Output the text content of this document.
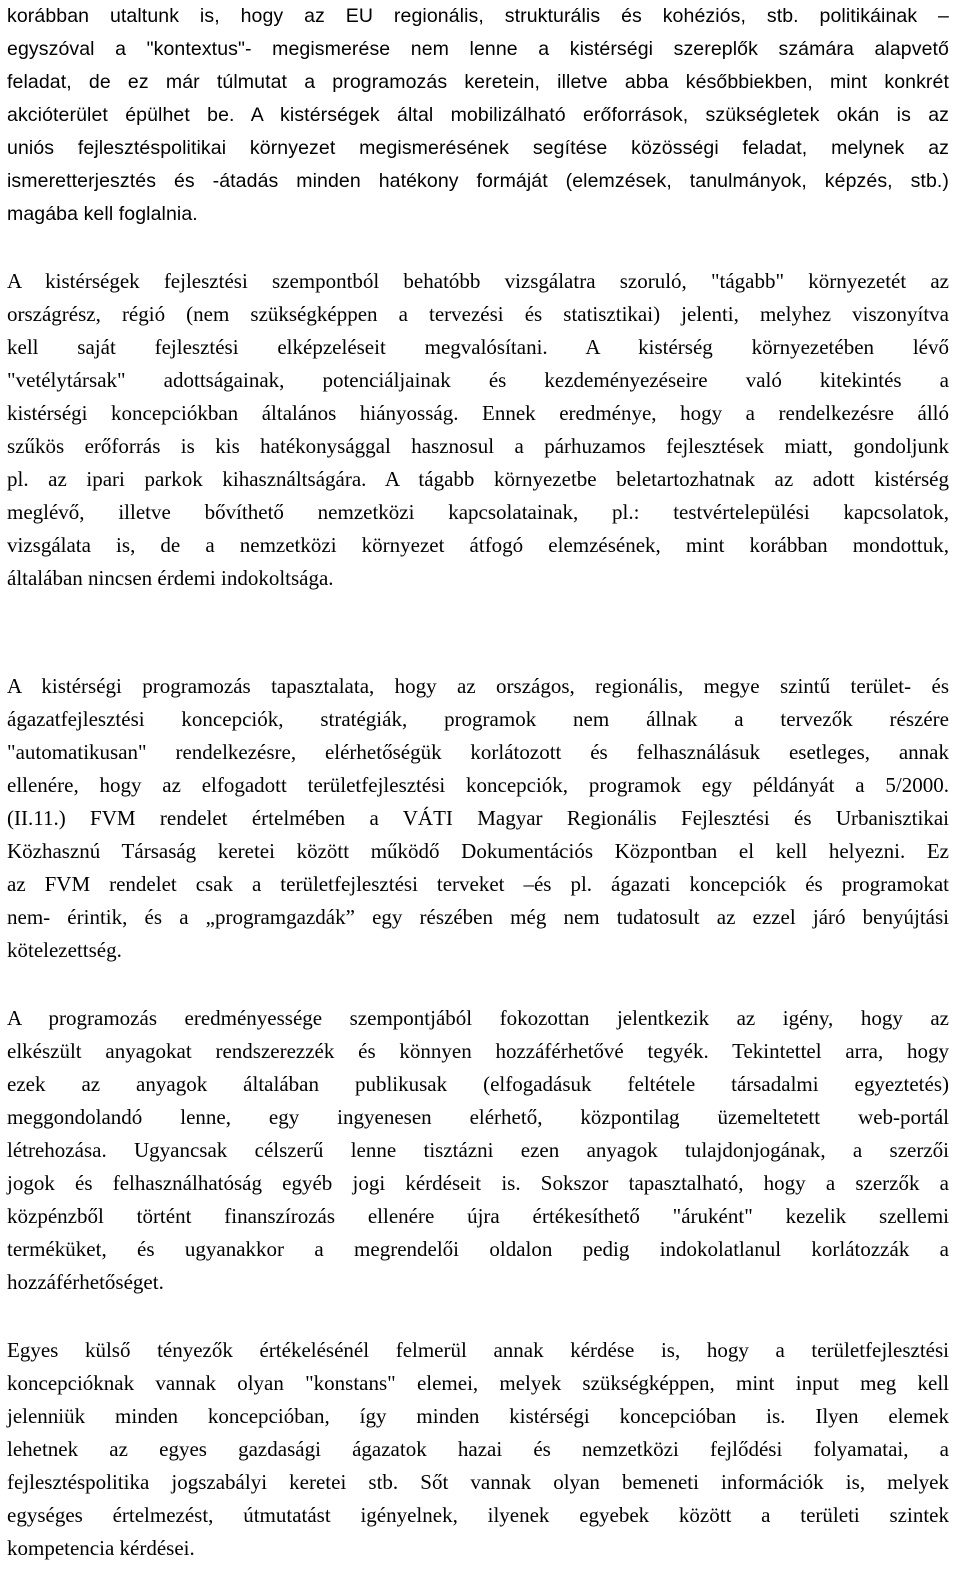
korábban utaltunk is, hogy az EU regionális, strukturális és kohéziós, stb. politikáinak –
egyszóval a "kontextus"- megismerése nem lenne a kistérségi szereplők számára alapvető
feladat, de ez már túlmutat a programozás keretein, illetve abba későbbiekben, mint konkrét
akcióterület épülhet be. A kistérségek által mobilizálható erőforrások, szükségletek okán is az
uniós fejlesztéspolitikai környezet megismerésének segítése közösségi feladat, melynek az
ismeretterjesztés és -átadás minden hatékony formáját (elemzések, tanulmányok, képzés, stb.)
magába kell foglalnia.
A kistérségek fejlesztési szempontból behatóbb vizsgálatra szoruló, "tágabb" környezetét az
országrész, régió (nem szükségképpen a tervezési és statisztikai) jelenti, melyhez viszonyítva
kell saját fejlesztési elképzeléseit megvalósítani. A kistérség környezetében lévő
"vetélytársak" adottságainak, potenciáljainak és kezdeményezéseire való kitekintés a
kistérségi koncepciókban általános hiányosság. Ennek eredménye, hogy a rendelkezésre álló
szűkös erőforrás is kis hatékonysággal hasznosul a párhuzamos fejlesztések miatt, gondoljunk
pl. az ipari parkok kihasználtságára. A tágabb környezetbe beletartozhatnak az adott kistérség
meglévő, illetve bővíthető nemzetközi kapcsolatainak, pl.: testvértelepülési kapcsolatok,
vizsgálata is, de a nemzetközi környezet átfogó elemzésének, mint korábban mondottuk,
általában nincsen érdemi indokoltsága.
A kistérségi programozás tapasztalata, hogy az országos, regionális, megye szintű terület- és
ágazatfejlesztési koncepciók, stratégiák, programok nem állnak a tervezők részére
"automatikusan" rendelkezésre, elérhetőségük korlátozott és felhasználásuk esetleges, annak
ellenére, hogy az elfogadott területfejlesztési koncepciók, programok egy példányát a 5/2000.
(II.11.) FVM rendelet értelmében a VÁTI Magyar Regionális Fejlesztési és Urbanisztikai
Közhasznú Társaság keretei között működő Dokumentációs Központban el kell helyezni. Ez
az FVM rendelet csak a területfejlesztési terveket –és pl. ágazati koncepciók és programokat
nem- érintik, és a „programgazdák” egy részében még nem tudatosult az ezzel járó benyújtási
kötelezettség.
A programozás eredményessége szempontjából fokozottan jelentkezik az igény, hogy az
elkészült anyagokat rendszerezzék és könnyen hozzáférhetővé tegyék. Tekintettel arra, hogy
ezek az anyagok általában publikusak (elfogadásuk feltétele társadalmi egyeztetés)
meggondolandó lenne, egy ingyenesen elérhető, központilag üzemeltetett web-portál
létrehozása. Ugyancsak célszerű lenne tisztázni ezen anyagok tulajdonjogának, a szerzői
jogok és felhasználhatóság egyéb jogi kérdéseit is. Sokszor tapasztalható, hogy a szerzők a
közpénzből történt finanszírozás ellenére újra értékesíthető "áruként" kezelik szellemi
terméküket, és ugyanakkor a megrendelői oldalon pedig indokolatlanul korlátozzák a
hozzáférhetőséget.
Egyes külső tényezők értékelésénél felmerül annak kérdése is, hogy a területfejlesztési
koncepcióknak vannak olyan "konstans" elemei, melyek szükségképpen, mint input meg kell
jelenniük minden koncepcióban, így minden kistérségi koncepcióban is. Ilyen elemek
lehetnek az egyes gazdasági ágazatok hazai és nemzetközi fejlődési folyamatai, a
fejlesztéspolitika jogszabályi keretei stb. Sőt vannak olyan bemeneti információk is, melyek
egységes értelmezést, útmutatást igényelnek, ilyenek egyebek között a területi szintek
kompetencia kérdései.
